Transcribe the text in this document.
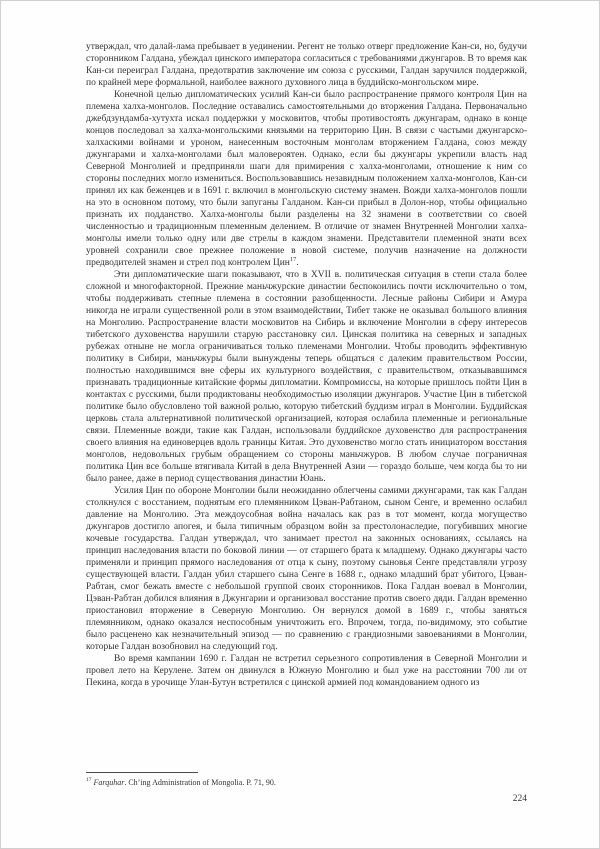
утверждал, что далай-лама пребывает в уединении. Регент не только отверг предложение Кан-си, но, будучи сторонником Галдана, убеждал цинского императора согласиться с требованиями джунгаров. В то время как Кан-си переиграл Галдана, предотвратив заключение им союза с русскими, Галдан заручился поддержкой, по крайней мере формальной, наиболее важного духовного лица в буддийско-монгольском мире.

Конечной целью дипломатических усилий Кан-си было распространение прямого контроля Цин на племена халха-монголов. Последние оставались самостоятельными до вторжения Галдана. Первоначально джебдзундамба-хутухта искал поддержки у московитов, чтобы противостоять джунгарам, однако в конце концов последовал за халха-монгольскими князьями на территорию Цин. В связи с частыми джунгарско-халхаскими войнами и уроном, нанесенным восточным монголам вторжением Галдана, союз между джунгарами и халха-монголами был маловероятен. Однако, если бы джунгары укрепили власть над Северной Монголией и предприняли шаги для примирения с халха-монголами, отношение к ним со стороны последних могло измениться. Воспользовавшись незавидным положением халха-монголов, Кан-си принял их как беженцев и в 1691 г. включил в монгольскую систему знамен. Вожди халха-монголов пошли на это в основном потому, что были запуганы Галданом. Кан-си прибыл в Долон-нор, чтобы официально признать их подданство. Халха-монголы были разделены на 32 знамени в соответствии со своей численностью и традиционным племенным делением. В отличие от знамен Внутренней Монголии халха-монголы имели только одну или две стрелы в каждом знамени. Представители племенной знати всех уровней сохранили свое прежнее положение в новой системе, получив назначение на должности предводителей знамен и стрел под контролем Цин$^{17}$.

Эти дипломатические шаги показывают, что в XVII в. политическая ситуация в степи стала более сложной и многофакторной. Прежние маньчжурские династии беспокоились почти исключительно о том, чтобы поддерживать степные племена в состоянии разобщенности. Лесные районы Сибири и Амура никогда не играли существенной роли в этом взаимодействии, Тибет также не оказывал большого влияния на Монголию. Распространение власти московитов на Сибирь и включение Монголии в сферу интересов тибетского духовенства нарушили старую расстановку сил. Цинская политика на северных и западных рубежах отныне не могла ограничиваться только племенами Монголии. Чтобы проводить эффективную политику в Сибири, маньчжуры были вынуждены теперь общаться с далеким правительством России, полностью находившимся вне сферы их культурного воздействия, с правительством, отказывавшимся признавать традиционные китайские формы дипломатии. Компромиссы, на которые пришлось пойти Цин в контактах с русскими, были продиктованы необходимостью изоляции джунгаров. Участие Цин в тибетской политике было обусловлено той важной ролью, которую тибетский буддизм играл в Монголии. Буддийская церковь стала альтернативной политической организацией, которая ослабила племенные и региональные связи. Племенные вожди, такие как Галдан, использовали буддийское духовенство для распространения своего влияния на единоверцев вдоль границы Китая. Это духовенство могло стать инициатором восстания монголов, недовольных грубым обращением со стороны маньчжуров. В любом случае пограничная политика Цин все больше втягивала Китай в дела Внутренней Азии — гораздо больше, чем когда бы то ни было ранее, даже в период существования династии Юань.

Усилия Цин по обороне Монголии были неожиданно облегчены самими джунгарами, так как Галдан столкнулся с восстанием, поднятым его племянником Цэван-Рабтаном, сыном Сенге, и временно ослабил давление на Монголию. Эта междоусобная война началась как раз в тот момент, когда могущество джунгаров достигло апогея, и была типичным образцом войн за престолонаследие, погубивших многие кочевые государства. Галдан утверждал, что занимает престол на законных основаниях, ссылаясь на принцип наследования власти по боковой линии — от старшего брата к младшему. Однако джунгары часто применяли и принцип прямого наследования от отца к сыну, поэтому сыновья Сенге представляли угрозу существующей власти. Галдан убил старшего сына Сенге в 1688 г., однако младший брат убитого, Цэван-Рабтан, смог бежать вместе с небольшой группой своих сторонников. Пока Галдан воевал в Монголии, Цэван-Рабтан добился влияния в Джунгарии и организовал восстание против своего дяди. Галдан временно приостановил вторжение в Северную Монголию. Он вернулся домой в 1689 г., чтобы заняться племянником, однако оказался неспособным уничтожить его. Впрочем, тогда, по-видимому, это событие было расценено как незначительный эпизод — по сравнению с грандиозными завоеваниями в Монголии, которые Галдан возобновил на следующий год.

Во время кампании 1690 г. Галдан не встретил серьезного сопротивления в Северной Монголии и провел лето на Керулене. Затем он двинулся в Южную Монголию и был уже на расстоянии 700 ли от Пекина, когда в урочище Улан-Бутун встретился с цинской армией под командованием одного из

$^{17}$ Farquhar. Ch’ing Administration of Mongolia. P. 71, 90.
224
